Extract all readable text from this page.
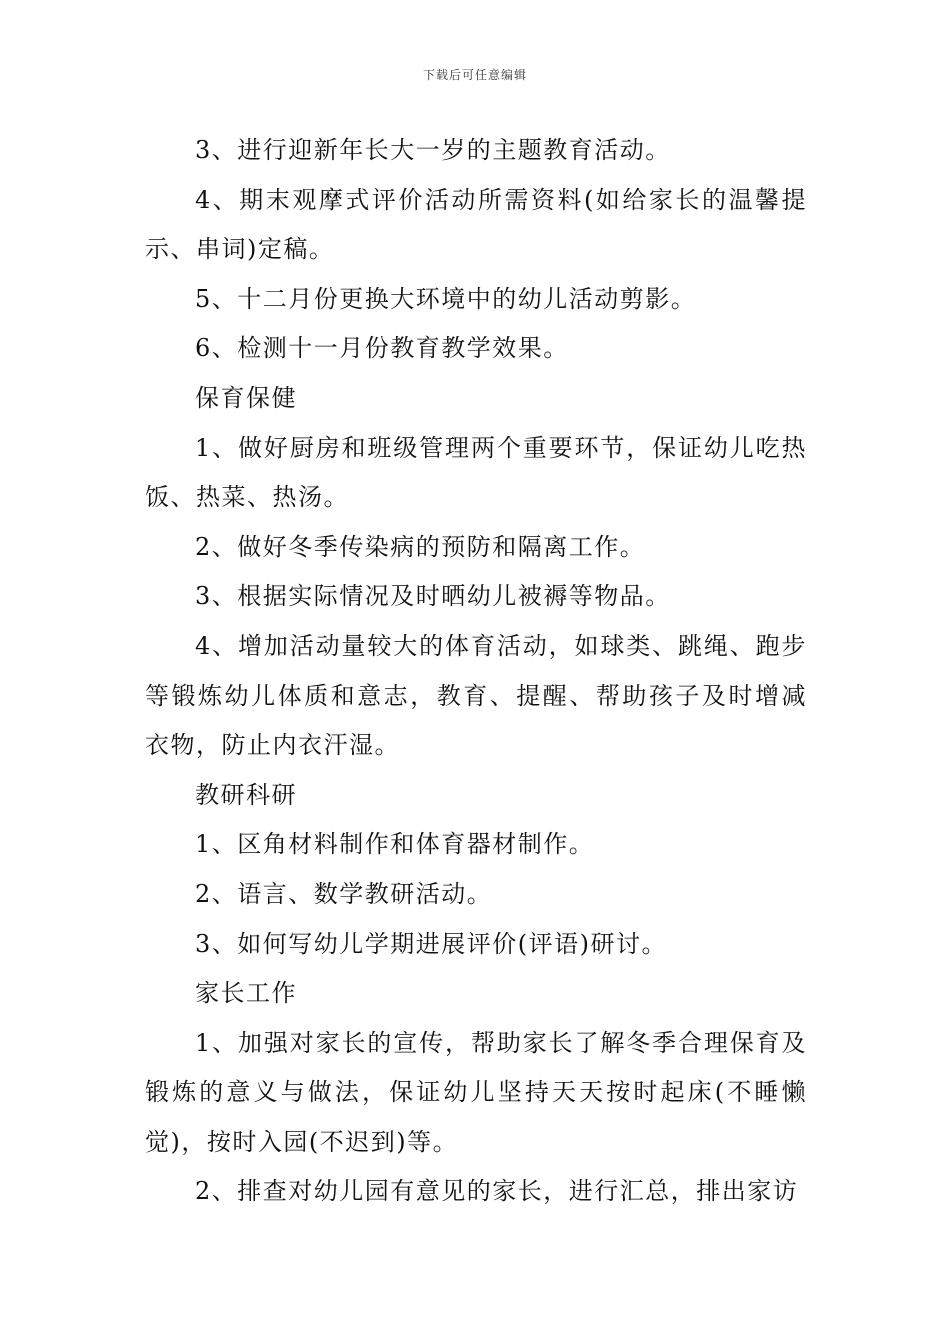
下载后可任意编辑

3、进行迎新年长大一岁的主题教育活动。

4、期末观摩式评价活动所需资料(如给家长的温馨提示、串词)定稿。

5、十二月份更换大环境中的幼儿活动剪影。

6、检测十一月份教育教学效果。

保育保健

1、做好厨房和班级管理两个重要环节，保证幼儿吃热饭、热菜、热汤。

2、做好冬季传染病的预防和隔离工作。

3、根据实际情况及时晒幼儿被褥等物品。

4、增加活动量较大的体育活动，如球类、跳绳、跑步等锻炼幼儿体质和意志，教育、提醒、帮助孩子及时增减衣物，防止内衣汗湿。

教研科研

1、区角材料制作和体育器材制作。

2、语言、数学教研活动。

3、如何写幼儿学期进展评价(评语)研讨。

家长工作

1、加强对家长的宣传，帮助家长了解冬季合理保育及锻炼的意义与做法，保证幼儿坚持天天按时起床(不睡懒觉)，按时入园(不迟到)等。

2、排查对幼儿园有意见的家长，进行汇总，排出家访
